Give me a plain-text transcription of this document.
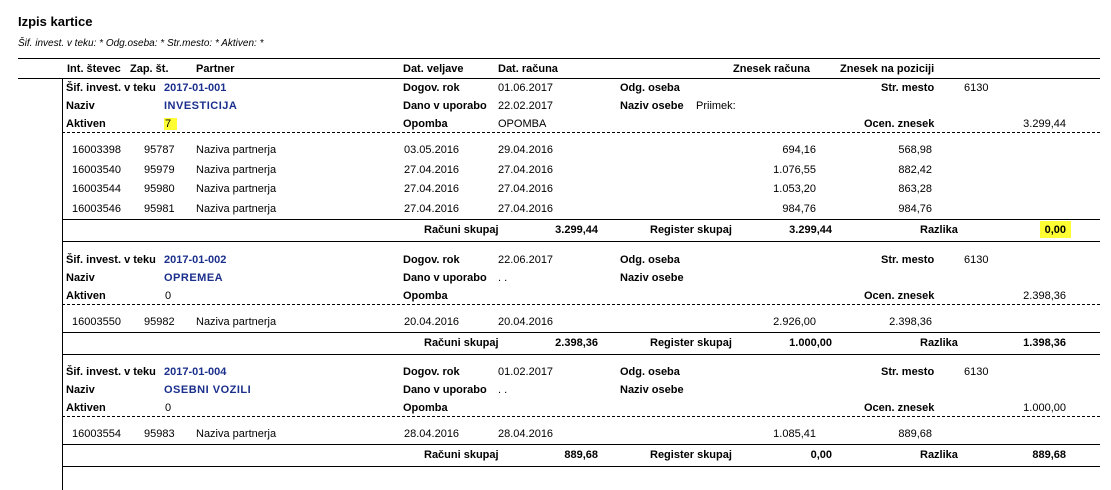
Izpis kartice
Šif. invest. v teku: * Odg.oseba: * Str.mesto: * Aktiven: *
Int. števec Zap. št. Partner	Dat. veljave	Dat. računa	Znesek računa	Znesek na poziciji
Šif. invest. v teku 2017-01-001	Dogov. rok	01.06.2017	Odg. oseba	Str. mesto	6130
Naziv	INVESTICIJA	Dano v uporabo 22.02.2017	Naziv osebe Priimek:
Aktiven	7	Opomba	OPOMBA	Ocen. znesek	3.299,44
16003398 95787 Naziva partnerja	03.05.2016	29.04.2016	694,16	568,98
16003540 95979 Naziva partnerja	27.04.2016	27.04.2016	1.076,55	882,42
16003544 95980 Naziva partnerja	27.04.2016	27.04.2016	1.053,20	863,28
16003546 95981 Naziva partnerja	27.04.2016	27.04.2016	984,76	984,76
Računi skupaj	3.299,44	Register skupaj	3.299,44	Razlika	0,00
Šif. invest. v teku 2017-01-002	Dogov. rok	22.06.2017	Odg. oseba	Str. mesto	6130
Naziv	OPREMEA	Dano v uporabo . .	Naziv osebe
Aktiven	0	Opomba	Ocen. znesek	2.398,36
16003550 95982 Naziva partnerja	20.04.2016	20.04.2016	2.926,00	2.398,36
Računi skupaj	2.398,36	Register skupaj	1.000,00	Razlika	1.398,36
Šif. invest. v teku 2017-01-004	Dogov. rok	01.02.2017	Odg. oseba	Str. mesto	6130
Naziv	OSEBNI VOZILI	Dano v uporabo . .	Naziv osebe
Aktiven	0	Opomba	Ocen. znesek	1.000,00
16003554 95983 Naziva partnerja	28.04.2016	28.04.2016	1.085,41	889,68
Računi skupaj	889,68	Register skupaj	0,00	Razlika	889,68
